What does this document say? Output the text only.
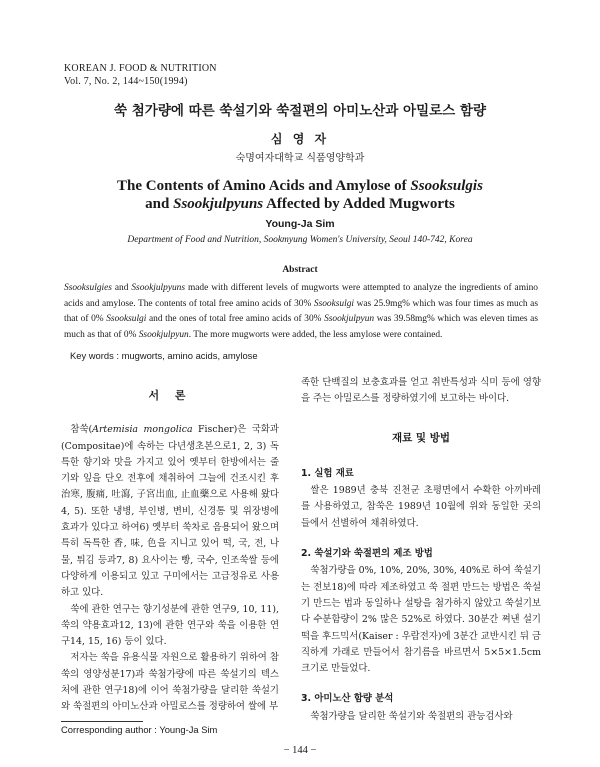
KOREAN J. FOOD & NUTRITION
Vol. 7, No. 2, 144~150(1994)
쑥 첨가량에 따른 쑥설기와 쑥절편의 아미노산과 아밀로스 함량
심 영 자
숙명여자대학교 식품영양학과
The Contents of Amino Acids and Amylose of Ssooksulgis
and Ssookjulpyuns Affected by Added Mugworts
Young-Ja Sim
Department of Food and Nutrition, Sookmyung Women's University, Seoul 140-742, Korea
Abstract
Ssooksulgies and Ssookjulpyuns made with different levels of mugworts were attempted to analyze the ingredients of amino acids and amylose. The contents of total free amino acids of 30% Ssooksulgi was 25.9mg% which was four times as much as that of 0% Ssooksulgi and the ones of total free amino acids of 30% Ssookjulpyun was 39.58mg% which was eleven times as much as that of 0% Ssookjulpyun. The more mugworts were added, the less amylose were contained.
Key words : mugworts, amino acids, amylose
서 론

참쑥(Artemisia mongolica Fischer)은 국화과(Compositae)에 속하는 다년생초본으로1, 2, 3) 독특한 향기와 맛을 가지고 있어 옛부터 한방에서는 줄기와 잎을 단오 전후에 채취하여 그늘에 건조시킨 후 治寒, 腹痛, 吐瀉, 子宮出血, 止血藥으로 사용해 왔다4, 5). 또한 냉병, 부인병, 변비, 신경통 및 위장병에 효과가 있다고 하여6) 옛부터 쑥차로 음용되어 왔으며 특히 독특한 香, 味, 色을 지니고 있어 떡, 국, 전, 나물, 튀김 등과7, 8) 요사이는 빵, 국수, 인조쑥쌀 등에 다양하게 이용되고 있고 구미에서는 고급정유로 사용하고 있다.

쑥에 관한 연구는 향기성분에 관한 연구9, 10, 11), 쑥의 약용효과12, 13)에 관한 연구와 쑥을 이용한 연구14, 15, 16) 등이 있다.

저자는 쑥을 유용식물 자원으로 활용하기 위하여 참쑥의 영양성분17)과 쑥첨가량에 따른 쑥설기의 텍스처에 관한 연구18)에 이어 쑥첨가량을 달리한 쑥설기와 쑥절편의 아미노산과 아밀로스를 정량하여 쌀에 부

족한 단백질의 보충효과를 얻고 취반특성과 식미 등에 영향을 주는 아밀로스를 정량하였기에 보고하는 바이다.

재료 및 방법
1. 실험 재료

쌀은 1989년 충북 진천군 초평면에서 수확한 아끼바레를 사용하였고, 참쑥은 1989년 10월에 위와 동일한 곳의 들에서 선별하여 채취하였다.

2. 쑥설기와 쑥절편의 제조 방법

쑥첨가량을 0%, 10%, 20%, 30%, 40%로 하여 쑥설기는 전보18)에 따라 제조하였고 쑥 절편 만드는 방법은 쑥설기 만드는 법과 동일하나 설탕을 첨가하지 않았고 쑥설기보다 수분함량이 2% 많은 52%로 하였다. 30분간 쪄낸 설기떡을 후드믹서(Kaiser : 우람전자)에 3분간 교반시킨 뒤 금직하게 가래로 만들어서 참기름을 바르면서 5×5×1.5cm 크기로 만들었다.

3. 아미노산 함량 분석

쑥첨가량을 달리한 쑥설기와 쑥절편의 관능검사와

Corresponding author : Young-Ja Sim
− 144 −
